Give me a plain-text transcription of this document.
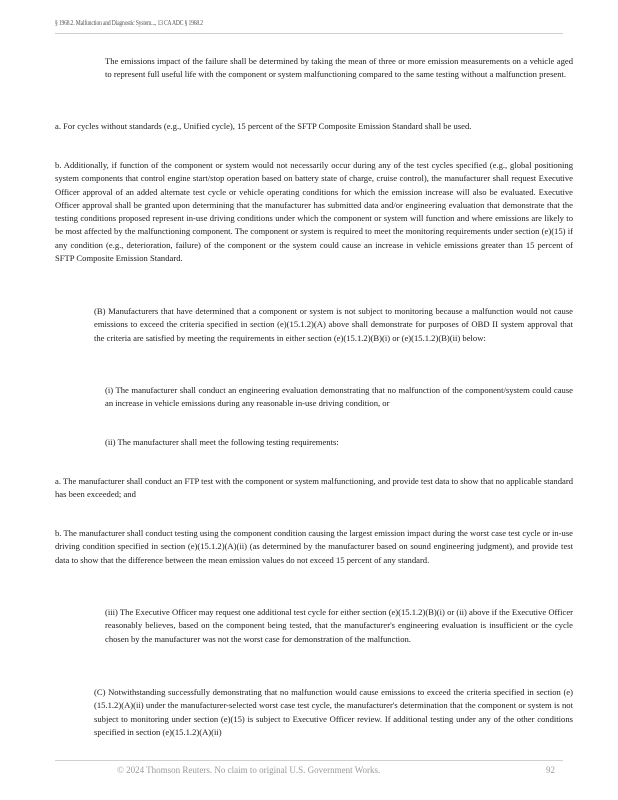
§ 1968.2. Malfunction and Diagnostic System..., 13 CA ADC § 1968.2

The emissions impact of the failure shall be determined by taking the mean of three or more emission measurements on a vehicle aged to represent full useful life with the component or system malfunctioning compared to the same testing without a malfunction present.

a. For cycles without standards (e.g., Unified cycle), 15 percent of the SFTP Composite Emission Standard shall be used.

b. Additionally, if function of the component or system would not necessarily occur during any of the test cycles specified (e.g., global positioning system components that control engine start/stop operation based on battery state of charge, cruise control), the manufacturer shall request Executive Officer approval of an added alternate test cycle or vehicle operating conditions for which the emission increase will also be evaluated. Executive Officer approval shall be granted upon determining that the manufacturer has submitted data and/or engineering evaluation that demonstrate that the testing conditions proposed represent in-use driving conditions under which the component or system will function and where emissions are likely to be most affected by the malfunctioning component. The component or system is required to meet the monitoring requirements under section (e)(15) if any condition (e.g., deterioration, failure) of the component or the system could cause an increase in vehicle emissions greater than 15 percent of SFTP Composite Emission Standard.

(B) Manufacturers that have determined that a component or system is not subject to monitoring because a malfunction would not cause emissions to exceed the criteria specified in section (e)(15.1.2)(A) above shall demonstrate for purposes of OBD II system approval that the criteria are satisfied by meeting the requirements in either section (e)(15.1.2)(B)(i) or (e)(15.1.2)(B)(ii) below:

(i) The manufacturer shall conduct an engineering evaluation demonstrating that no malfunction of the component/system could cause an increase in vehicle emissions during any reasonable in-use driving condition, or

(ii) The manufacturer shall meet the following testing requirements:

a. The manufacturer shall conduct an FTP test with the component or system malfunctioning, and provide test data to show that no applicable standard has been exceeded; and

b. The manufacturer shall conduct testing using the component condition causing the largest emission impact during the worst case test cycle or in-use driving condition specified in section (e)(15.1.2)(A)(ii) (as determined by the manufacturer based on sound engineering judgment), and provide test data to show that the difference between the mean emission values do not exceed 15 percent of any standard.

(iii) The Executive Officer may request one additional test cycle for either section (e)(15.1.2)(B)(i) or (ii) above if the Executive Officer reasonably believes, based on the component being tested, that the manufacturer's engineering evaluation is insufficient or the cycle chosen by the manufacturer was not the worst case for demonstration of the malfunction.

(C) Notwithstanding successfully demonstrating that no malfunction would cause emissions to exceed the criteria specified in section (e)(15.1.2)(A)(ii) under the manufacturer-selected worst case test cycle, the manufacturer's determination that the component or system is not subject to monitoring under section (e)(15) is subject to Executive Officer review. If additional testing under any of the other conditions specified in section (e)(15.1.2)(A)(ii)

© 2024 Thomson Reuters. No claim to original U.S. Government Works.	92
